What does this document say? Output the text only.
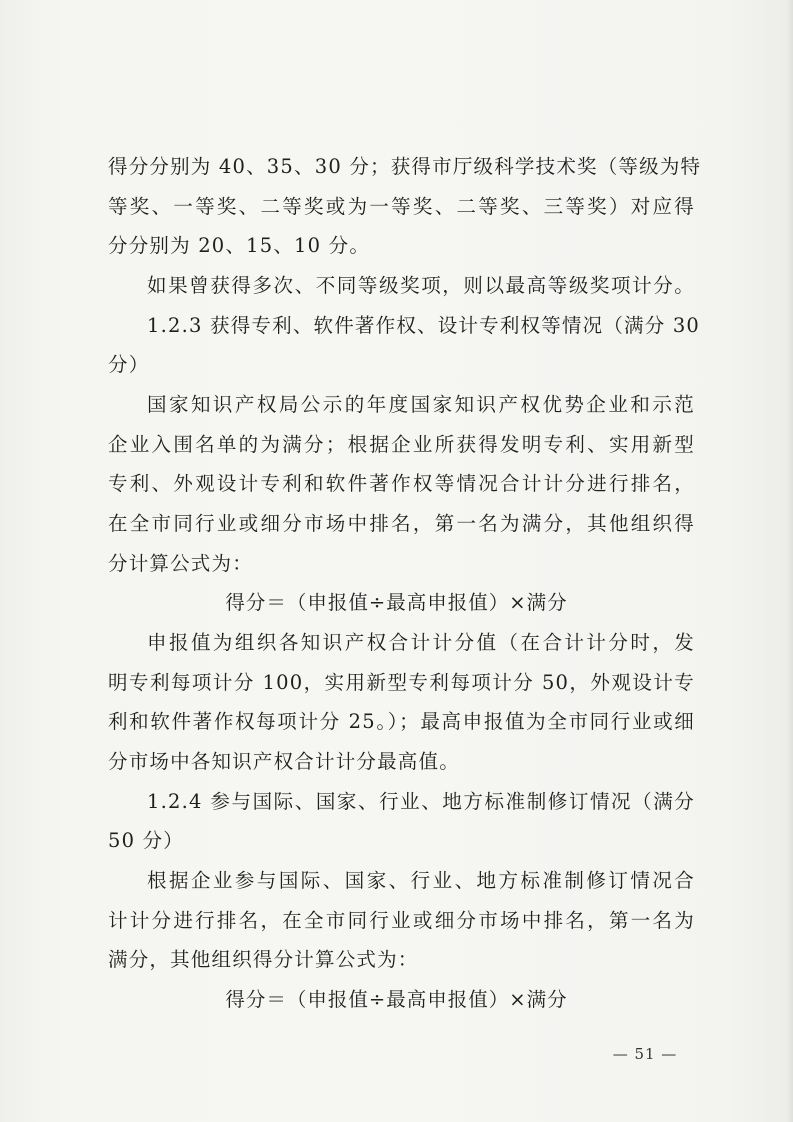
得分分别为 40、35、30 分；获得市厅级科学技术奖（等级为特
等奖、一等奖、二等奖或为一等奖、二等奖、三等奖）对应得
分分别为 20、15、10 分。
如果曾获得多次、不同等级奖项，则以最高等级奖项计分。
1.2.3 获得专利、软件著作权、设计专利权等情况（满分 30
分）
国家知识产权局公示的年度国家知识产权优势企业和示范
企业入围名单的为满分；根据企业所获得发明专利、实用新型
专利、外观设计专利和软件著作权等情况合计计分进行排名，
在全市同行业或细分市场中排名，第一名为满分，其他组织得
分计算公式为：
得分＝（申报值÷最高申报值）×满分
申报值为组织各知识产权合计计分值（在合计计分时，发
明专利每项计分 100，实用新型专利每项计分 50，外观设计专
利和软件著作权每项计分 25。）；最高申报值为全市同行业或细
分市场中各知识产权合计计分最高值。
1.2.4 参与国际、国家、行业、地方标准制修订情况（满分
50 分）
根据企业参与国际、国家、行业、地方标准制修订情况合
计计分进行排名，在全市同行业或细分市场中排名，第一名为
满分，其他组织得分计算公式为：
得分＝（申报值÷最高申报值）×满分
— 51 —
